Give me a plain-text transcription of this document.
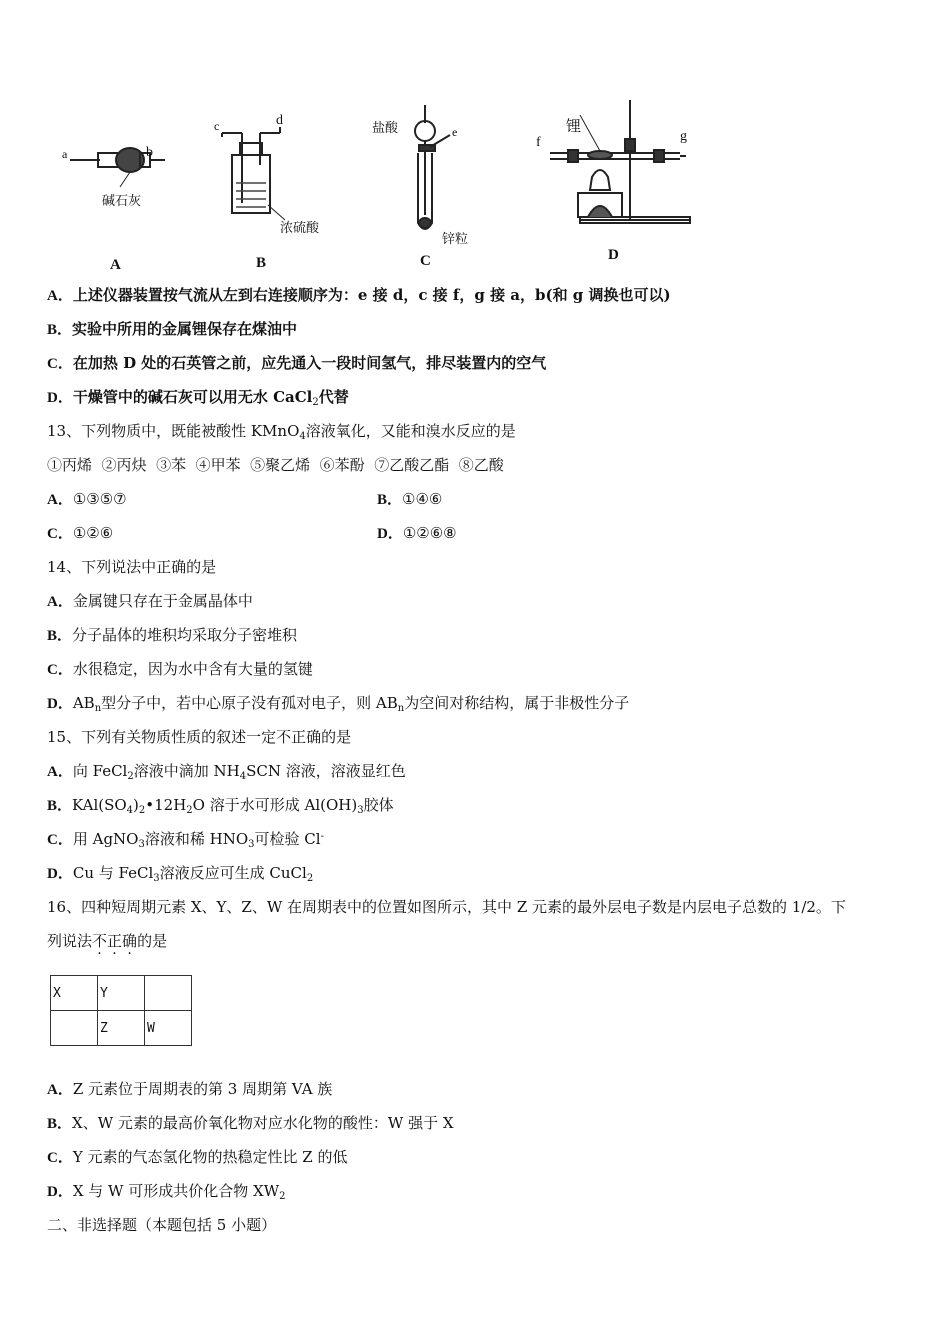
a	b
碱石灰
A
c	d
浓硫酸
B
盐酸	e
锌粒
C
锂
f	g
D
A．上述仪器装置按气流从左到右连接顺序为：e 接 d，c 接 f，g 接 a，b(和 g 调换也可以)
B．实验中所用的金属锂保存在煤油中
C．在加热 D 处的石英管之前，应先通入一段时间氢气，排尽装置内的空气
D．干燥管中的碱石灰可以用无水 CaCl$_2$代替
13、下列物质中，既能被酸性 KMnO$_4$溶液氧化，又能和溴水反应的是
①丙烯  ②丙炔  ③苯  ④甲苯  ⑤聚乙烯  ⑥苯酚  ⑦乙酸乙酯  ⑧乙酸
A．①③⑤⑦	B．①④⑥
C．①②⑥	D．①②⑥⑧
14、下列说法中正确的是
A．金属键只存在于金属晶体中
B．分子晶体的堆积均采取分子密堆积
C．水很稳定，因为水中含有大量的氢键
D．$AB_n$型分子中，若中心原子没有孤对电子，则 $AB_n$为空间对称结构，属于非极性分子
15、下列有关物质性质的叙述一定不正确的是
A．向 FeCl$_2$溶液中滴加 $NH_4SCN$ 溶液，溶液显红色
B．$KAl(SO_4)_2•12H_2O$ 溶于水可形成 $Al(OH)_3$胶体
C．用 AgNO$_3$溶液和稀 $HNO_3$可检验 Cl-
D．Cu 与 FeCl$_3$溶液反应可生成 CuCl$_2$
16、四种短周期元素 X、Y、Z、W 在周期表中的位置如图所示，其中 Z 元素的最外层电子数是内层电子总数的 1/2。下
列说法不正确的是
X	Y	
	Z	W
A．Z 元素位于周期表的第 3 周期第 VA 族
B．X、W 元素的最高价氧化物对应水化物的酸性：W 强于 X
C．Y 元素的气态氢化物的热稳定性比 Z 的低
D．X 与 W 可形成共价化合物 $XW_2$
二、非选择题（本题包括 5 小题）
